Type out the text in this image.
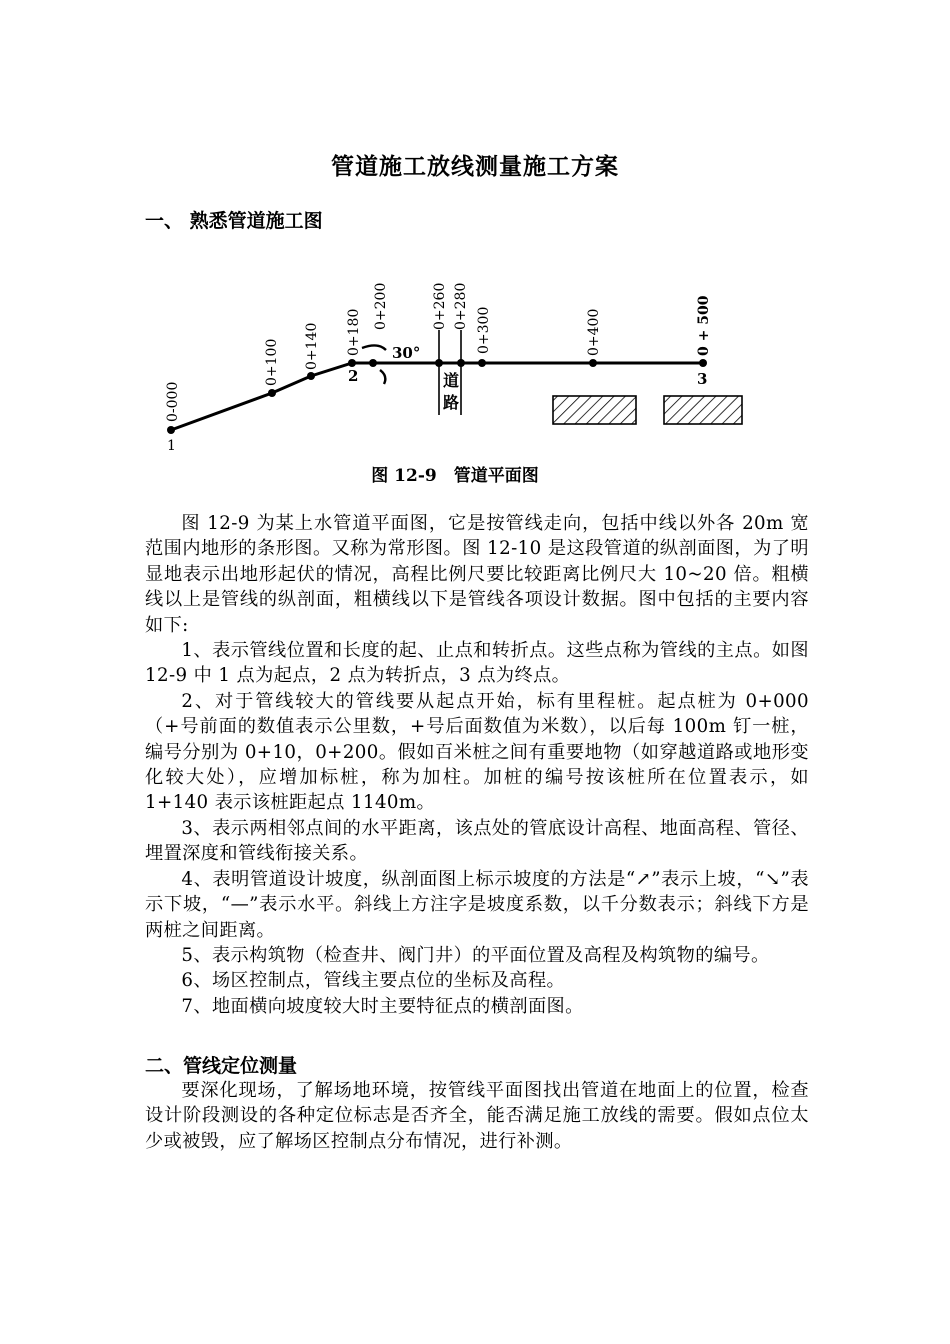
管道施工放线测量施工方案
一、 熟悉管道施工图
0-000
0+100 0+140 0+180
0+200	0+260 0+280
0+300	0+400	0 + 500
1
2	3
30°
道
路
图 12-9　管道平面图

图 12-9 为某上水管道平面图，它是按管线走向，包括中线以外各 20m 宽范围内地形的条形图。又称为常形图。图 12-10 是这段管道的纵剖面图，为了明显地表示出地形起伏的情况，高程比例尺要比较距离比例尺大 10~20 倍。粗横线以上是管线的纵剖面，粗横线以下是管线各项设计数据。图中包括的主要内容如下:

1、表示管线位置和长度的起、止点和转折点。这些点称为管线的主点。如图 12-9 中 1 点为起点，2 点为转折点，3 点为终点。

2、对于管线较大的管线要从起点开始，标有里程桩。起点桩为 0+000（+号前面的数值表示公里数，+号后面数值为米数），以后每 100m 钉一桩，编号分别为 0+10，0+200。假如百米桩之间有重要地物（如穿越道路或地形变化较大处），应增加标桩，称为加柱。加桩的编号按该桩所在位置表示，如 1+140 表示该桩距起点 1140m。

3、表示两相邻点间的水平距离，该点处的管底设计高程、地面高程、管径、埋置深度和管线衔接关系。

4、表明管道设计坡度，纵剖面图上标示坡度的方法是“↗”表示上坡，“↘”表示下坡，“—”表示水平。斜线上方注字是坡度系数，以千分数表示；斜线下方是两桩之间距离。

5、表示构筑物（检查井、阀门井）的平面位置及高程及构筑物的编号。

6、场区控制点，管线主要点位的坐标及高程。

7、地面横向坡度较大时主要特征点的横剖面图。

二、管线定位测量

要深化现场，了解场地环境，按管线平面图找出管道在地面上的位置，检查设计阶段测设的各种定位标志是否齐全，能否满足施工放线的需要。假如点位太少或被毁，应了解场区控制点分布情况，进行补测。
